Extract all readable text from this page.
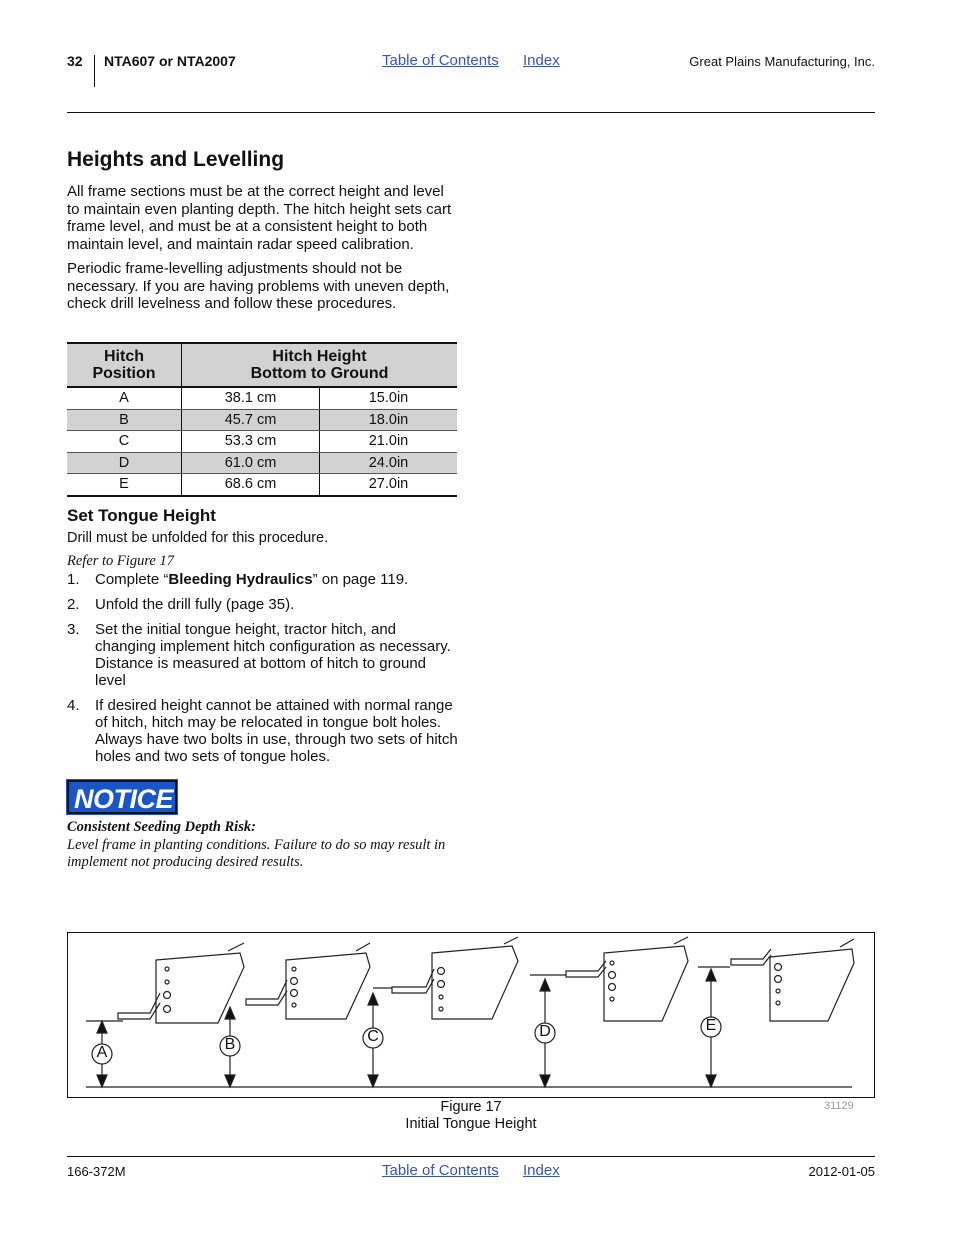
32 NTA607 or NTA2007	Table of Contents Index	Great Plains Manufacturing, Inc.
Heights and Levelling

All frame sections must be at the correct height and level to maintain even planting depth. The hitch height sets cart frame level, and must be at a consistent height to both maintain level, and maintain radar speed calibration.

Periodic frame-levelling adjustments should not be necessary. If you are having problems with uneven depth, check drill levelness and follow these procedures.

Hitch
Position	Hitch Height
Bottom to Ground	
A	38.1 cm	15.0in
B	45.7 cm	18.0in
C	53.3 cm	21.0in
D	61.0 cm	24.0in
E	68.6 cm	27.0in
Set Tongue Height
Drill must be unfolded for this procedure.
Refer to Figure 17
1. Complete “Bleeding Hydraulics” on page 119.
2. Unfold the drill fully (page 35).
3. Set the initial tongue height, tractor hitch, and changing implement hitch configuration as necessary. Distance is measured at bottom of hitch to ground level
4. If desired height cannot be attained with normal range of hitch, hitch may be relocated in tongue bolt holes. Always have two bolts in use, through two sets of hitch holes and two sets of tongue holes.
NOTICE
Consistent Seeding Depth Risk:
Level frame in planting conditions. Failure to do so may result in implement not producing desired results.
A	B	C	D	E
Figure 17
Initial Tongue Height
31129
166-372M	Table of Contents Index	2012-01-05
